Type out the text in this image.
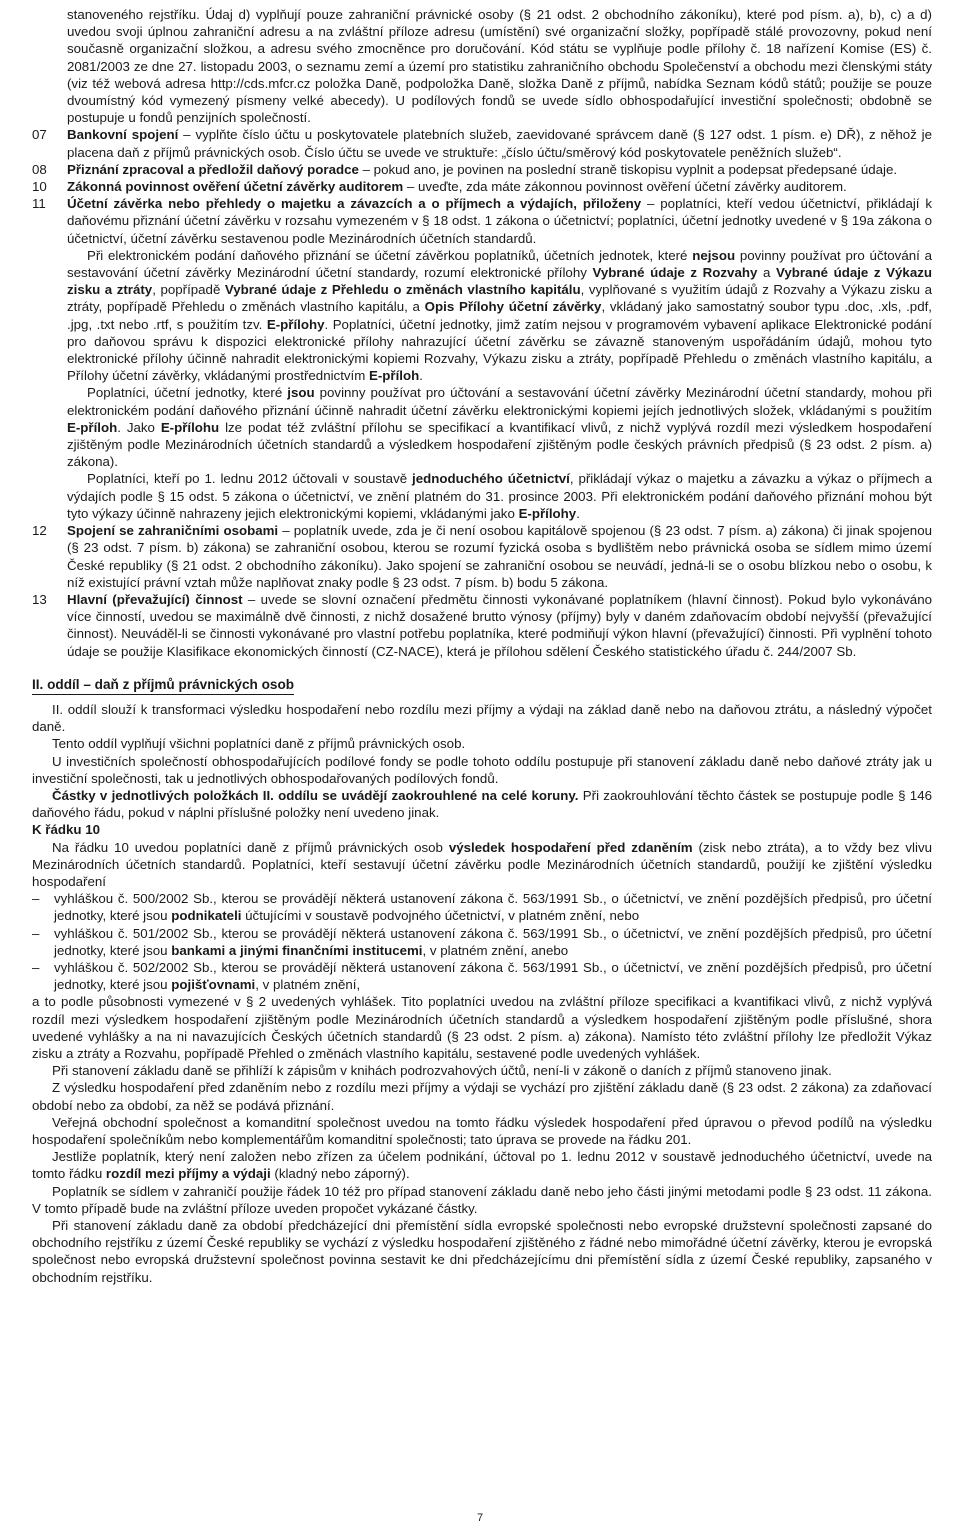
stanoveného rejstříku. Údaj d) vyplňují pouze zahraniční právnické osoby (§ 21 odst. 2 obchodního zákoníku), které pod písm. a), b), c) a d) uvedou svoji úplnou zahraniční adresu a na zvláštní příloze adresu (umístění) své organizační složky, popřípadě stálé provozovny, pokud není současně organizační složkou, a adresu svého zmocněnce pro doručování. Kód státu se vyplňuje podle přílohy č. 18 nařízení Komise (ES) č. 2081/2003 ze dne 27. listopadu 2003, o seznamu zemí a území pro statistiku zahraničního obchodu Společenství a obchodu mezi členskými státy (viz též webová adresa http://cds.mfcr.cz položka Daně, podpoložka Daně, složka Daně z příjmů, nabídka Seznam kódů států; použije se pouze dvoumístný kód vymezený písmeny velké abecedy). U podílových fondů se uvede sídlo obhospodařující investiční společnosti; obdobně se postupuje u fondů penzijních společností.

07	Bankovní spojení – vyplňte číslo účtu u poskytovatele platebních služeb, zaevidované správcem daně (§ 127 odst. 1 písm. e) DŘ), z něhož je placena daň z příjmů právnických osob. Číslo účtu se uvede ve struktuře: „číslo účtu/směrový kód poskytovatele peněžních služeb“.
08	Přiznání zpracoval a předložil daňový poradce – pokud ano, je povinen na poslední straně tiskopisu vyplnit a podepsat předepsané údaje.
10	Zákonná povinnost ověření účetní závěrky auditorem – uveďte, zda máte zákonnou povinnost ověření účetní závěrky auditorem.
11	Účetní závěrka nebo přehledy o majetku a závazcích a o příjmech a výdajích, přiloženy – poplatníci, kteří vedou účetnictví, přikládají k daňovému přiznání účetní závěrku v rozsahu vymezeném v § 18 odst. 1 zákona o účetnictví; poplatníci, účetní jednotky uvedené v § 19a zákona o účetnictví, účetní závěrku sestavenou podle Mezinárodních účetních standardů.

Při elektronickém podání daňového přiznání se účetní závěrkou poplatníků, účetních jednotek, které nejsou povinny používat pro účtování a sestavování účetní závěrky Mezinárodní účetní standardy, rozumí elektronické přílohy Vybrané údaje z Rozvahy a Vybrané údaje z Výkazu zisku a ztráty, popřípadě Vybrané údaje z Přehledu o změnách vlastního kapitálu, vyplňované s využitím údajů z Rozvahy a Výkazu zisku a ztráty, popřípadě Přehledu o změnách vlastního kapitálu, a Opis Přílohy účetní závěrky, vkládaný jako samostatný soubor typu .doc, .xls, .pdf, .jpg, .txt nebo .rtf, s použitím tzv. E-přílohy. Poplatníci, účetní jednotky, jimž zatím nejsou v programovém vybavení aplikace Elektronické podání pro daňovou správu k dispozici elektronické přílohy nahrazující účetní závěrku se závazně stanoveným uspořádáním údajů, mohou tyto elektronické přílohy účinně nahradit elektronickými kopiemi Rozvahy, Výkazu zisku a ztráty, popřípadě Přehledu o změnách vlastního kapitálu, a Přílohy účetní závěrky, vkládanými prostřednictvím E-příloh.

Poplatníci, účetní jednotky, které jsou povinny používat pro účtování a sestavování účetní závěrky Mezinárodní účetní standardy, mohou při elektronickém podání daňového přiznání účinně nahradit účetní závěrku elektronickými kopiemi jejích jednotlivých složek, vkládanými s použitím E-příloh. Jako E-přílohu lze podat též zvláštní přílohu se specifikací a kvantifikací vlivů, z nichž vyplývá rozdíl mezi výsledkem hospodaření zjištěným podle Mezinárodních účetních standardů a výsledkem hospodaření zjištěným podle českých právních předpisů (§ 23 odst. 2 písm. a) zákona).

Poplatníci, kteří po 1. lednu 2012 účtovali v soustavě jednoduchého účetnictví, přikládají výkaz o majetku a závazku a výkaz o příjmech a výdajích podle § 15 odst. 5 zákona o účetnictví, ve znění platném do 31. prosince 2003. Při elektronickém podání daňového přiznání mohou být tyto výkazy účinně nahrazeny jejich elektronickými kopiemi, vkládanými jako E-přílohy.

12	Spojení se zahraničními osobami – poplatník uvede, zda je či není osobou kapitálově spojenou (§ 23 odst. 7 písm. a) zákona) či jinak spojenou (§ 23 odst. 7 písm. b) zákona) se zahraniční osobou, kterou se rozumí fyzická osoba s bydlištěm nebo právnická osoba se sídlem mimo území České republiky (§ 21 odst. 2 obchodního zákoníku). Jako spojení se zahraniční osobou se neuvádí, jedná-li se o osobu blízkou nebo o osobu, k níž existující právní vztah může naplňovat znaky podle § 23 odst. 7 písm. b) bodu 5 zákona.
13	Hlavní (převažující) činnost – uvede se slovní označení předmětu činnosti vykonávané poplatníkem (hlavní činnost). Pokud bylo vykonáváno více činností, uvedou se maximálně dvě činnosti, z nichž dosažené brutto výnosy (příjmy) byly v daném zdaňovacím období nejvyšší (převažující činnost). Neuváděl-li se činnosti vykonávané pro vlastní potřebu poplatníka, které podmiňují výkon hlavní (převažující) činnosti. Při vyplnění tohoto údaje se použije Klasifikace ekonomických činností (CZ-NACE), která je přílohou sdělení Českého statistického úřadu č. 244/2007 Sb.
II. oddíl – daň z příjmů právnických osob

II. oddíl slouží k transformaci výsledku hospodaření nebo rozdílu mezi příjmy a výdaji na základ daně nebo na daňovou ztrátu, a následný výpočet daně.

Tento oddíl vyplňují všichni poplatníci daně z příjmů právnických osob.

U investičních společností obhospodařujících podílové fondy se podle tohoto oddílu postupuje při stanovení základu daně nebo daňové ztráty jak u investiční společnosti, tak u jednotlivých obhospodařovaných podílových fondů.

Částky v jednotlivých položkách II. oddílu se uvádějí zaokrouhlené na celé koruny. Při zaokrouhlování těchto částek se postupuje podle § 146 daňového řádu, pokud v náplni příslušné položky není uvedeno jinak.

K řádku 10

Na řádku 10 uvedou poplatníci daně z příjmů právnických osob výsledek hospodaření před zdaněním (zisk nebo ztráta), a to vždy bez vlivu Mezinárodních účetních standardů. Poplatníci, kteří sestavují účetní závěrku podle Mezinárodních účetních standardů, použijí ke zjištění výsledku hospodaření

–	vyhláškou č. 500/2002 Sb., kterou se provádějí některá ustanovení zákona č. 563/1991 Sb., o účetnictví, ve znění pozdějších předpisů, pro účetní jednotky, které jsou podnikateli účtujícími v soustavě podvojného účetnictví, v platném znění, nebo
–	vyhláškou č. 501/2002 Sb., kterou se provádějí některá ustanovení zákona č. 563/1991 Sb., o účetnictví, ve znění pozdějších předpisů, pro účetní jednotky, které jsou bankami a jinými finančními institucemi, v platném znění, anebo
–	vyhláškou č. 502/2002 Sb., kterou se provádějí některá ustanovení zákona č. 563/1991 Sb., o účetnictví, ve znění pozdějších předpisů, pro účetní jednotky, které jsou pojišťovnami, v platném znění,

a to podle působnosti vymezené v § 2 uvedených vyhlášek. Tito poplatníci uvedou na zvláštní příloze specifikaci a kvantifikaci vlivů, z nichž vyplývá rozdíl mezi výsledkem hospodaření zjištěným podle Mezinárodních účetních standardů a výsledkem hospodaření zjištěným podle příslušné, shora uvedené vyhlášky a na ni navazujících Českých účetních standardů (§ 23 odst. 2 písm. a) zákona). Namísto této zvláštní přílohy lze předložit Výkaz zisku a ztráty a Rozvahu, popřípadě Přehled o změnách vlastního kapitálu, sestavené podle uvedených vyhlášek.

Při stanovení základu daně se přihlíží k zápisům v knihách podrozvahových účtů, není-li v zákoně o daních z příjmů stanoveno jinak.

Z výsledku hospodaření před zdaněním nebo z rozdílu mezi příjmy a výdaji se vychází pro zjištění základu daně (§ 23 odst. 2 zákona) za zdaňovací období nebo za období, za něž se podává přiznání.

Veřejná obchodní společnost a komanditní společnost uvedou na tomto řádku výsledek hospodaření před úpravou o převod podílů na výsledku hospodaření společníkům nebo komplementářům komanditní společnosti; tato úprava se provede na řádku 201.

Jestliže poplatník, který není založen nebo zřízen za účelem podnikání, účtoval po 1. lednu 2012 v soustavě jednoduchého účetnictví, uvede na tomto řádku rozdíl mezi příjmy a výdaji (kladný nebo záporný).

Poplatník se sídlem v zahraničí použije řádek 10 též pro případ stanovení základu daně nebo jeho části jinými metodami podle § 23 odst. 11 zákona. V tomto případě bude na zvláštní příloze uveden propočet vykázané částky.

Při stanovení základu daně za období předcházející dni přemístění sídla evropské společnosti nebo evropské družstevní společnosti zapsané do obchodního rejstříku z území České republiky se vychází z výsledku hospodaření zjištěného z řádné nebo mimořádné účetní závěrky, kterou je evropská společnost nebo evropská družstevní společnost povinna sestavit ke dni předcházejícímu dni přemístění sídla z území České republiky, zapsaného v obchodním rejstříku.

7
